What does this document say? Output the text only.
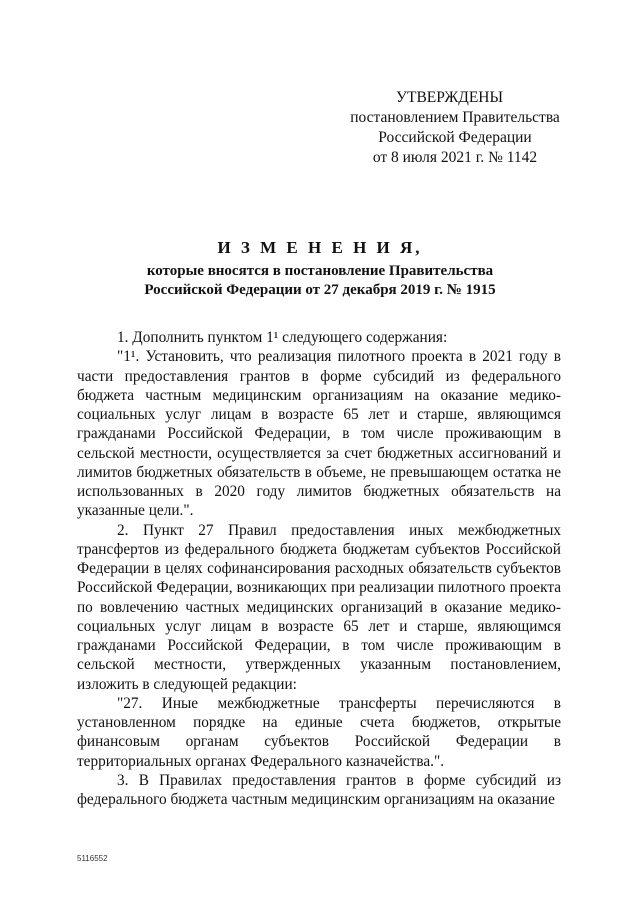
УТВЕРЖДЕНЫ
постановлением Правительства
Российской Федерации
от 8 июля 2021 г. № 1142
И З М Е Н Е Н И Я,
которые вносятся в постановление Правительства
Российской Федерации от 27 декабря 2019 г. № 1915

1. Дополнить пунктом 1¹ следующего содержания:

"1¹. Установить, что реализация пилотного проекта в 2021 году в части предоставления грантов в форме субсидий из федерального бюджета частным медицинским организациям на оказание медико-социальных услуг лицам в возрасте 65 лет и старше, являющимся гражданами Российской Федерации, в том числе проживающим в сельской местности, осуществляется за счет бюджетных ассигнований и лимитов бюджетных обязательств в объеме, не превышающем остатка не использованных в 2020 году лимитов бюджетных обязательств на указанные цели.".

2. Пункт 27 Правил предоставления иных межбюджетных трансфертов из федерального бюджета бюджетам субъектов Российской Федерации в целях софинансирования расходных обязательств субъектов Российской Федерации, возникающих при реализации пилотного проекта по вовлечению частных медицинских организаций в оказание медико-социальных услуг лицам в возрасте 65 лет и старше, являющимся гражданами Российской Федерации, в том числе проживающим в сельской местности, утвержденных указанным постановлением, изложить в следующей редакции:

"27. Иные межбюджетные трансферты перечисляются в установленном порядке на единые счета бюджетов, открытые финансовым органам субъектов Российской Федерации в территориальных органах Федерального казначейства.".

3. В Правилах предоставления грантов в форме субсидий из федерального бюджета частным медицинским организациям на оказание

5116552
